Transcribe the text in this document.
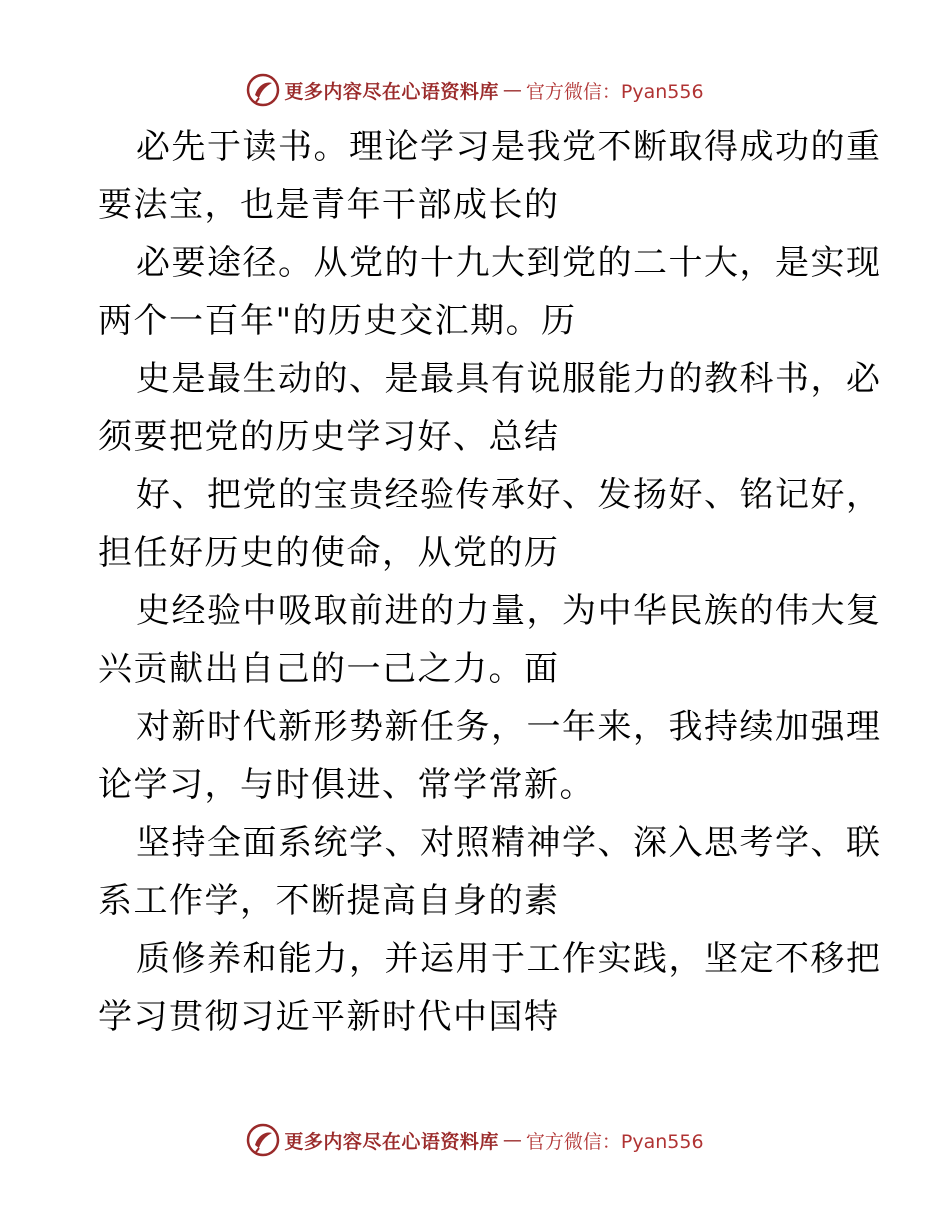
更多内容尽在心语资料库 — 官方微信：Pyan556
必先于读书。理论学习是我党不断取得成功的重
要法宝，也是青年干部成长的
必要途径。从党的十九大到党的二十大，是实现
两个一百年"的历史交汇期。历
史是最生动的、是最具有说服能力的教科书，必
须要把党的历史学习好、总结
好、把党的宝贵经验传承好、发扬好、铭记好，
担任好历史的使命，从党的历
史经验中吸取前进的力量，为中华民族的伟大复
兴贡献出自己的一己之力。面
对新时代新形势新任务，一年来，我持续加强理
论学习，与时俱进、常学常新。
坚持全面系统学、对照精神学、深入思考学、联
系工作学，不断提高自身的素
质修养和能力，并运用于工作实践，坚定不移把
学习贯彻习近平新时代中国特
更多内容尽在心语资料库 — 官方微信：Pyan556
